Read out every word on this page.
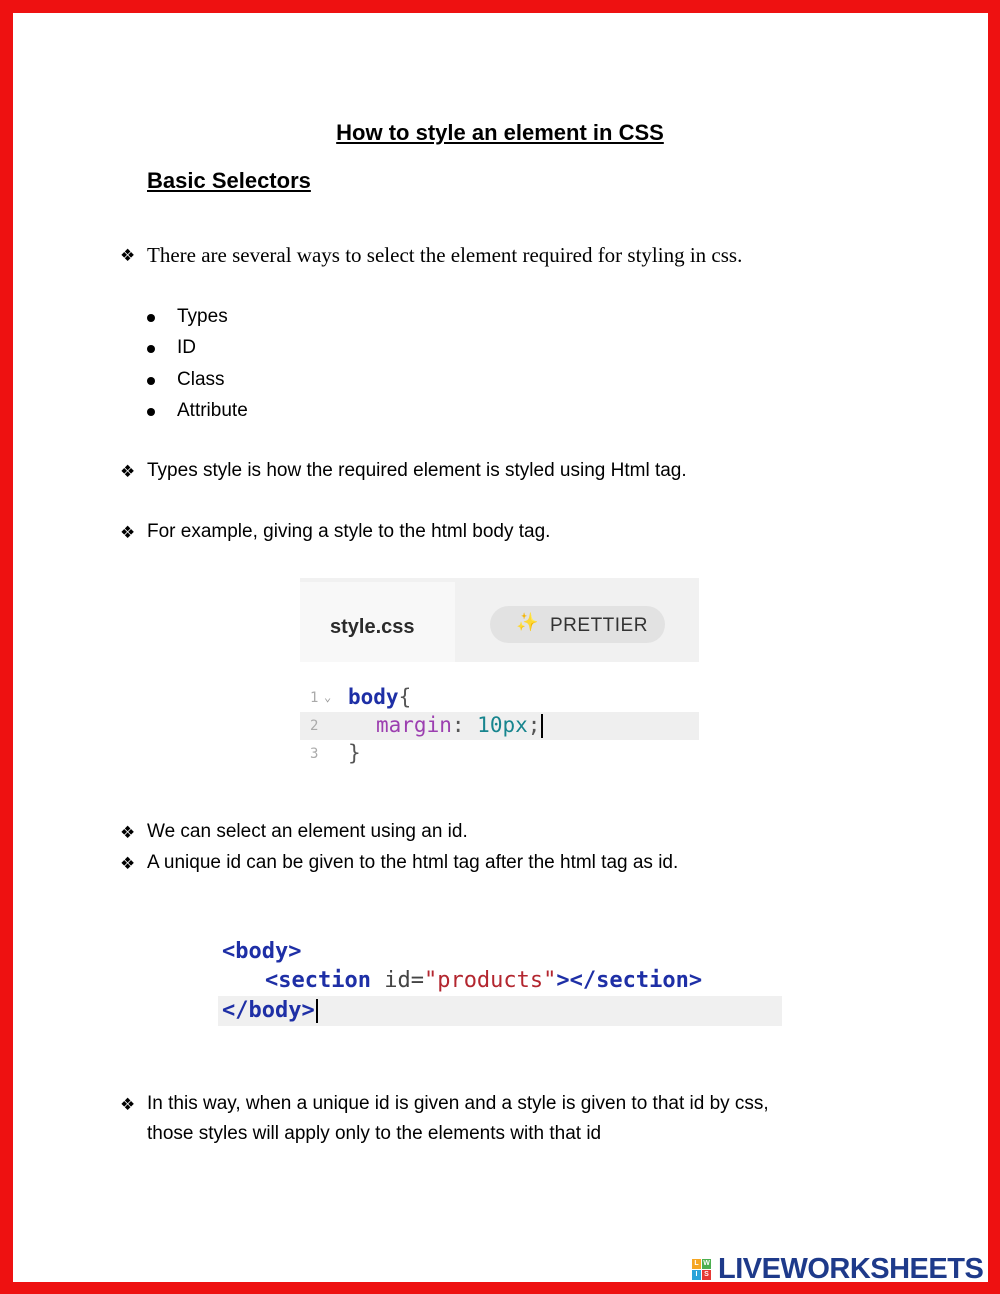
How to style an element in CSS
Basic Selectors
❖ There are several ways to select the element required for styling in css.
Types
ID
Class
Attribute
❖ Types style is how the required element is styled using Html tag.
❖ For example, giving a style to the html body tag.
style.css	✨ PRETTIER
1 ⌄ body{
2	margin: 10px;
3 }
❖ We can select an element using an id.
❖ A unique id can be given to the html tag after the html tag as id.
<body>
<section id="products"></section>
</body>
❖ In this way, when a unique id is given and a style is given to that id by css,
those styles will apply only to the elements with that id
L W
I S LIVEWORKSHEETS
